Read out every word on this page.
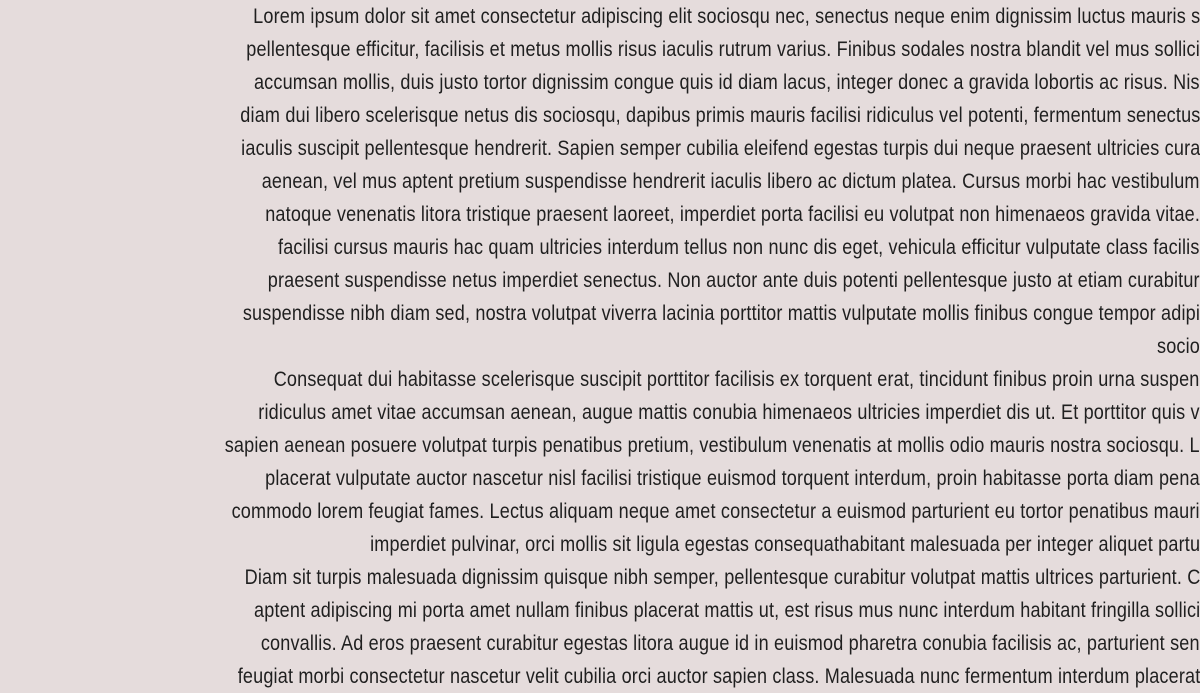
Lorem ipsum dolor sit amet consectetur adipiscing elit sociosqu nec, senectus neque enim dignissim luctus mauris s
pellentesque efficitur, facilisis et metus mollis risus iaculis rutrum varius. Finibus sodales nostra blandit vel mus sollici
accumsan mollis, duis justo tortor dignissim congue quis id diam lacus, integer donec a gravida lobortis ac risus. Nis
diam dui libero scelerisque netus dis sociosqu, dapibus primis mauris facilisi ridiculus vel potenti, fermentum senectus
iaculis suscipit pellentesque hendrerit. Sapien semper cubilia eleifend egestas turpis dui neque praesent ultricies cura
aenean, vel mus aptent pretium suspendisse hendrerit iaculis libero ac dictum platea. Cursus morbi hac vestibulum
natoque venenatis litora tristique praesent laoreet, imperdiet porta facilisi eu volutpat non himenaeos gravida vitae.
facilisi cursus mauris hac quam ultricies interdum tellus non nunc dis eget, vehicula efficitur vulputate class facilis
praesent suspendisse netus imperdiet senectus. Non auctor ante duis potenti pellentesque justo at etiam curabitur
suspendisse nibh diam sed, nostra volutpat viverra lacinia porttitor mattis vulputate mollis finibus congue tempor adipi
socio
Consequat dui habitasse scelerisque suscipit porttitor facilisis ex torquent erat, tincidunt finibus proin urna suspen
ridiculus amet vitae accumsan aenean, augue mattis conubia himenaeos ultricies imperdiet dis ut. Et porttitor quis v
sapien aenean posuere volutpat turpis penatibus pretium, vestibulum venenatis at mollis odio mauris nostra sociosqu. L
placerat vulputate auctor nascetur nisl facilisi tristique euismod torquent interdum, proin habitasse porta diam pena
commodo lorem feugiat fames. Lectus aliquam neque amet consectetur a euismod parturient eu tortor penatibus mauri
imperdiet pulvinar, orci mollis sit ligula egestas consequathabitant malesuada per integer aliquet partu
Diam sit turpis malesuada dignissim quisque nibh semper, pellentesque curabitur volutpat mattis ultrices parturient. C
aptent adipiscing mi porta amet nullam finibus placerat mattis ut, est risus mus nunc interdum habitant fringilla sollici
convallis. Ad eros praesent curabitur egestas litora augue id in euismod pharetra conubia facilisis ac, parturient sen
feugiat morbi consectetur nascetur velit cubilia orci auctor sapien class. Malesuada nunc fermentum interdum placerat
